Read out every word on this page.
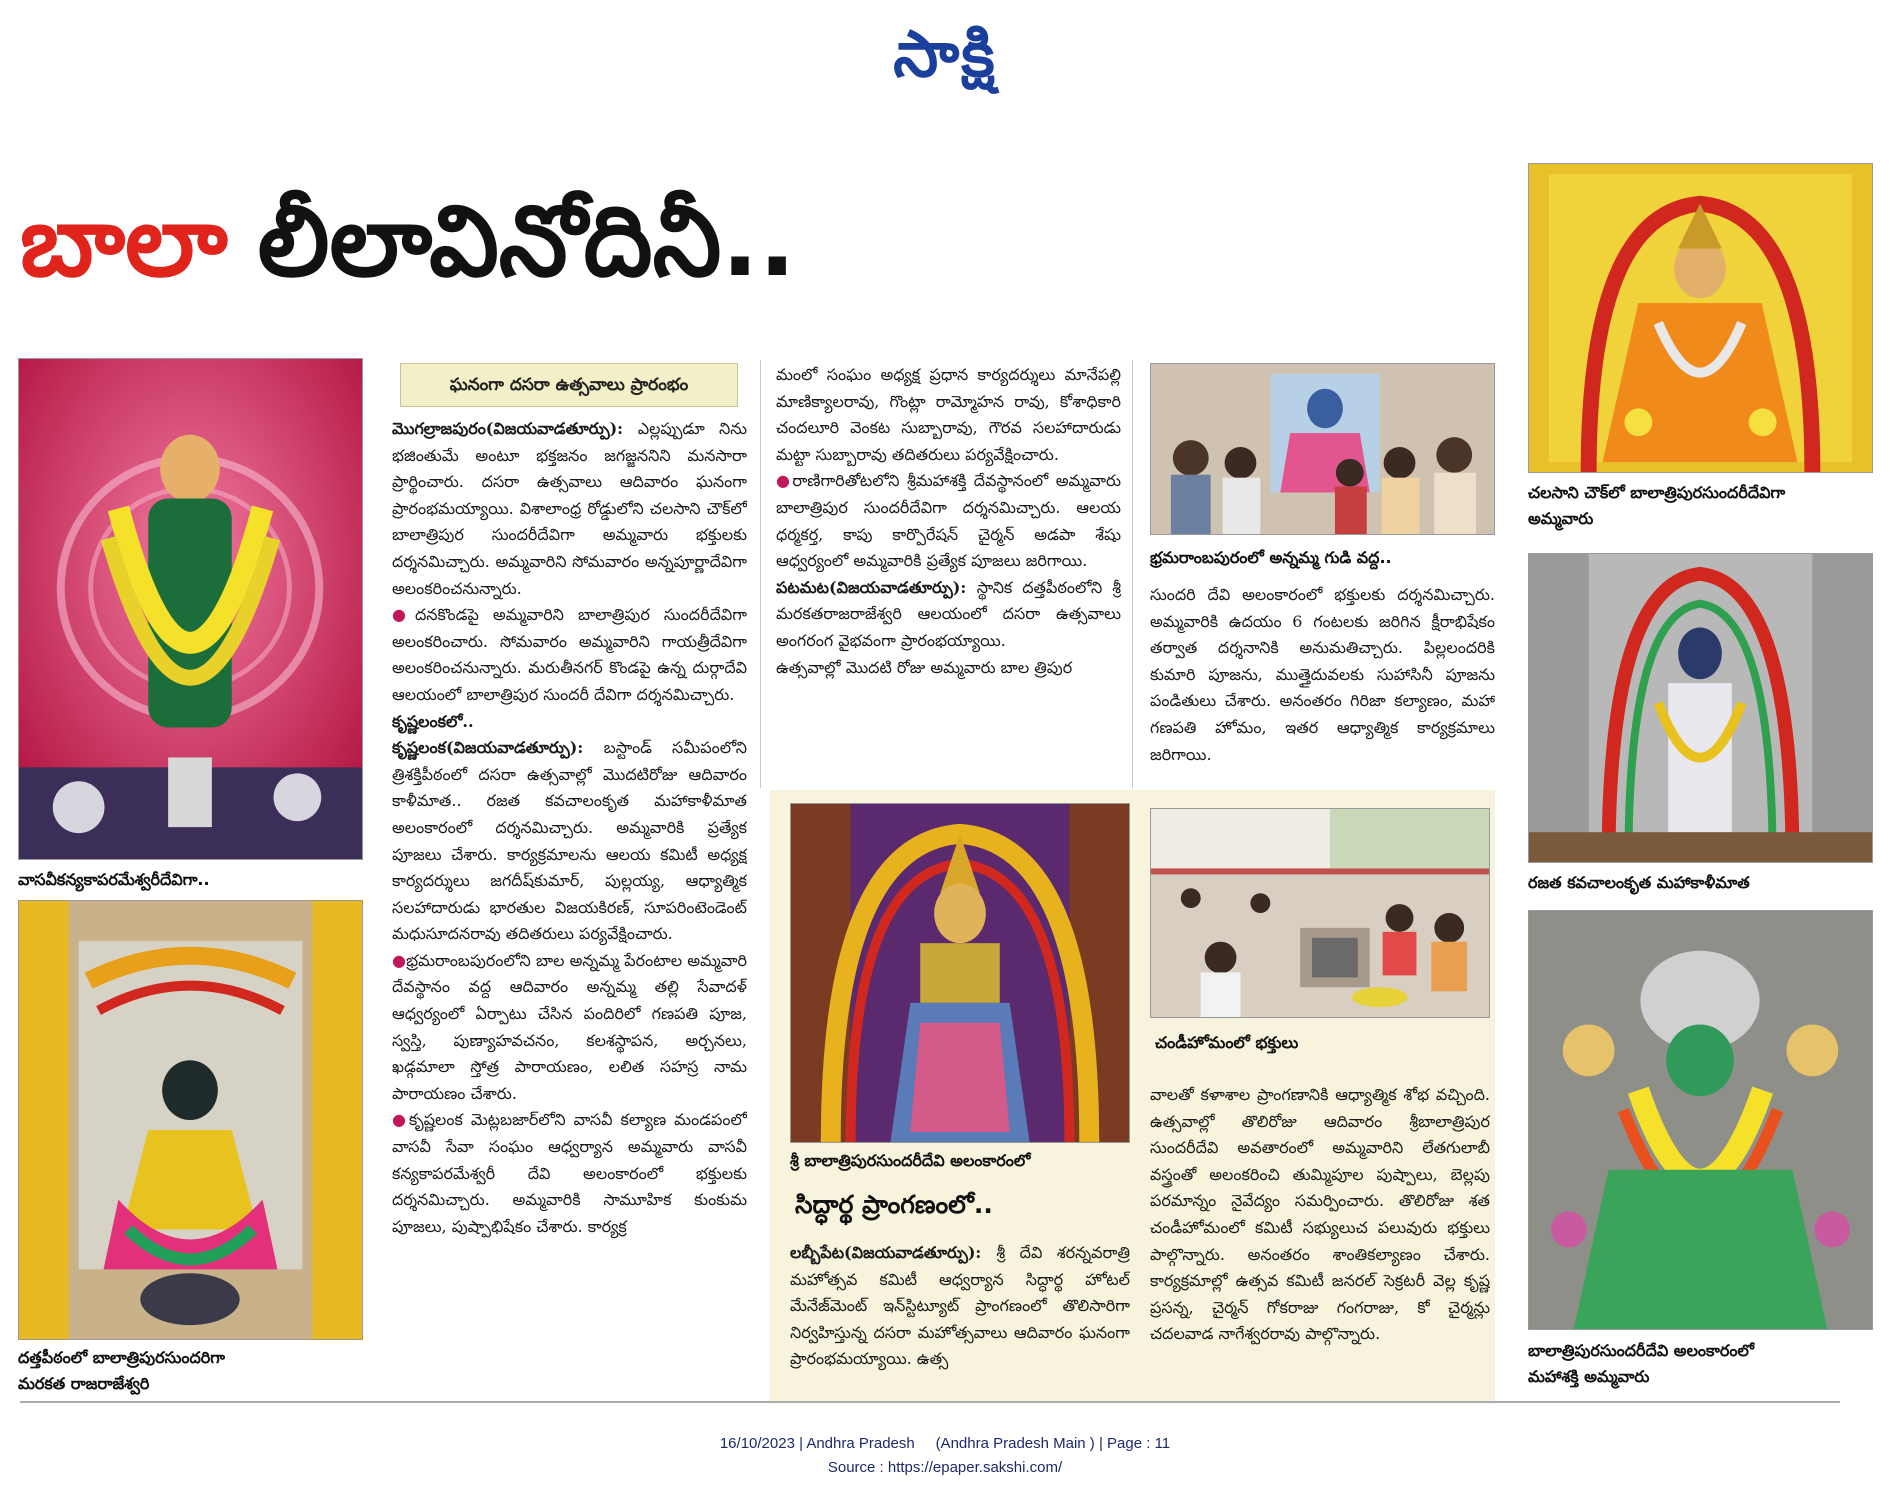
సాక్షి
బాలా లీలావినోదినీ..
వాసవీకన్యకాపరమేశ్వరీదేవిగా..
దత్తపీఠంలో బాలాత్రిపురసుందరిగా
మరకత రాజరాజేశ్వరి
ఘనంగా దసరా ఉత్సవాలు ప్రారంభం

మొగల్రాజపురం(విజయవాడతూర్పు): ఎల్లప్పుడూ నిను భజింతుమే అంటూ భక్తజనం జగజ్జననిని మనసారా ప్రార్థించారు. దసరా ఉత్సవాలు ఆదివారం ఘనంగా ప్రారంభమయ్యాయి. విశాలాంధ్ర రోడ్డులోని చలసాని చౌక్‌లో బాలాత్రిపుర సుందరీదేవిగా అమ్మవారు భక్తులకు దర్శనమిచ్చారు. అమ్మవారిని సోమవారం అన్నపూర్ణాదేవిగా అలంకరించనున్నారు.

● దనకొండపై అమ్మవారిని బాలాత్రిపుర సుందరీదేవిగా అలంకరించారు. సోమవారం అమ్మవారిని గాయత్రీదేవిగా అలంకరించనున్నారు. మరుతీనగర్ కొండపై ఉన్న దుర్గాదేవి ఆలయంలో బాలాత్రిపుర సుందరీ దేవిగా దర్శనమిచ్చారు.

కృష్ణలంకలో..

కృష్ణలంక(విజయవాడతూర్పు): బస్టాండ్ సమీపంలోని త్రిశక్తిపీఠంలో దసరా ఉత్సవాల్లో మొదటిరోజు ఆదివారం కాళీమాత.. రజత కవచాలంకృత మహాకాళీమాత అలంకారంలో దర్శనమిచ్చారు. అమ్మవారికి ప్రత్యేక పూజలు చేశారు. కార్యక్రమాలను ఆలయ కమిటీ అధ్యక్ష కార్యదర్శులు జగదీష్‌కుమార్, పుల్లయ్య, ఆధ్యాత్మిక సలహాదారుడు భారతుల విజయకిరణ్, సూపరింటెండెంట్ మధుసూదనరావు తదితరులు పర్యవేక్షించారు.

● భ్రమరాంబపురంలోని బాల అన్నమ్మ పేరంటాల అమ్మవారి దేవస్థానం వద్ద ఆదివారం అన్నమ్మ తల్లి సేవాదళ్ ఆధ్వర్యంలో ఏర్పాటు చేసిన పందిరిలో గణపతి పూజ, స్వస్తి, పుణ్యాహవచనం, కలశస్థాపన, అర్చనలు, ఖడ్గమాలా స్తోత్ర పారాయణం, లలిత సహస్ర నామ పారాయణం చేశారు.

● కృష్ణలంక మెట్లబజార్‌లోని వాసవీ కల్యాణ మండపంలో వాసవీ సేవా సంఘం ఆధ్వర్యాన అమ్మవారు వాసవీ కన్యకాపరమేశ్వరీ దేవి అలంకారంలో భక్తులకు దర్శనమిచ్చారు. అమ్మవారికి సామూహిక కుంకుమ పూజలు, పుష్పాభిషేకం చేశారు. కార్యక్ర

మంలో సంఘం అధ్యక్ష ప్రధాన కార్యదర్శులు మానేపల్లి మాణిక్యాలరావు, గొంట్లా రామ్మోహన రావు, కోశాధికారి చందలూరి వెంకట సుబ్బారావు, గౌరవ సలహాదారుడు మట్టా సుబ్బారావు తదితరులు పర్యవేక్షించారు.

● రాణిగారితోటలోని శ్రీమహాశక్తి దేవస్థానంలో అమ్మవారు బాలాత్రిపుర సుందరీదేవిగా దర్శనమిచ్చారు. ఆలయ ధర్మకర్త, కాపు కార్పొరేషన్ చైర్మన్ అడపా శేషు ఆధ్వర్యంలో అమ్మవారికి ప్రత్యేక పూజలు జరిగాయి.

పటమట(విజయవాడతూర్పు): స్థానిక దత్తపీఠంలోని శ్రీ మరకతరాజరాజేశ్వరి ఆలయంలో దసరా ఉత్సవాలు అంగరంగ వైభవంగా ప్రారంభయ్యాయి.

ఉత్సవాల్లో మొదటి రోజు అమ్మవారు బాల త్రిపుర

భ్రమరాంబపురంలో అన్నమ్మ గుడి వద్ద..

సుందరి దేవి అలంకారంలో భక్తులకు దర్శనమిచ్చారు. అమ్మవారికి ఉదయం 6 గంటలకు జరిగిన క్షీరాభిషేకం తర్వాత దర్శనానికి అనుమతిచ్చారు. పిల్లలందరికి కుమారి పూజను, ముత్తైదువలకు సుహాసినీ పూజను పండితులు చేశారు. అనంతరం గిరిజా కల్యాణం, మహా గణపతి హోమం, ఇతర ఆధ్యాత్మిక కార్యక్రమాలు జరిగాయి.

శ్రీ బాలాత్రిపురసుందరీదేవి అలంకారంలో
చండీహోమంలో భక్తులు
సిద్ధార్థ ప్రాంగణంలో..

లబ్బీపేట(విజయవాడతూర్పు): శ్రీ దేవి శరన్నవరాత్రి మహోత్సవ కమిటీ ఆధ్వర్యాన సిద్ధార్థ హోటల్ మేనేజ్‌మెంట్ ఇన్‌స్టిట్యూట్ ప్రాంగణంలో తొలిసారిగా నిర్వహిస్తున్న దసరా మహోత్సవాలు ఆదివారం ఘనంగా ప్రారంభమయ్యాయి. ఉత్స

వాలతో కళాశాల ప్రాంగణానికి ఆధ్యాత్మిక శోభ వచ్చింది. ఉత్సవాల్లో తొలిరోజు ఆదివారం శ్రీబాలాత్రిపుర సుందరీదేవి అవతారంలో అమ్మవారిని లేతగులాబీ వస్త్రంతో అలంకరించి తుమ్మిపూల పుష్పాలు, బెల్లపు పరమాన్నం నైవేద్యం సమర్పించారు. తొలిరోజు శత చండీహోమంలో కమిటీ సభ్యులుచ పలువురు భక్తులు పాల్గొన్నారు. అనంతరం శాంతికల్యాణం చేశారు. కార్యక్రమాల్లో ఉత్సవ కమిటీ జనరల్ సెక్రటరీ వెల్ల కృష్ణ ప్రసన్న, చైర్మన్ గోకరాజు గంగరాజు, కో చైర్మన్లు చదలవాడ నాగేశ్వరరావు పాల్గొన్నారు.

చలసాని చౌక్‌లో బాలాత్రిపురసుందరీదేవిగా
అమ్మవారు
రజత కవచాలంకృత మహాకాళీమాత
బాలాత్రిపురసుందరీదేవి అలంకారంలో
మహాశక్తి అమ్మవారు
16/10/2023 | Andhra Pradesh     (Andhra Pradesh Main ) | Page : 11
Source : https://epaper.sakshi.com/
